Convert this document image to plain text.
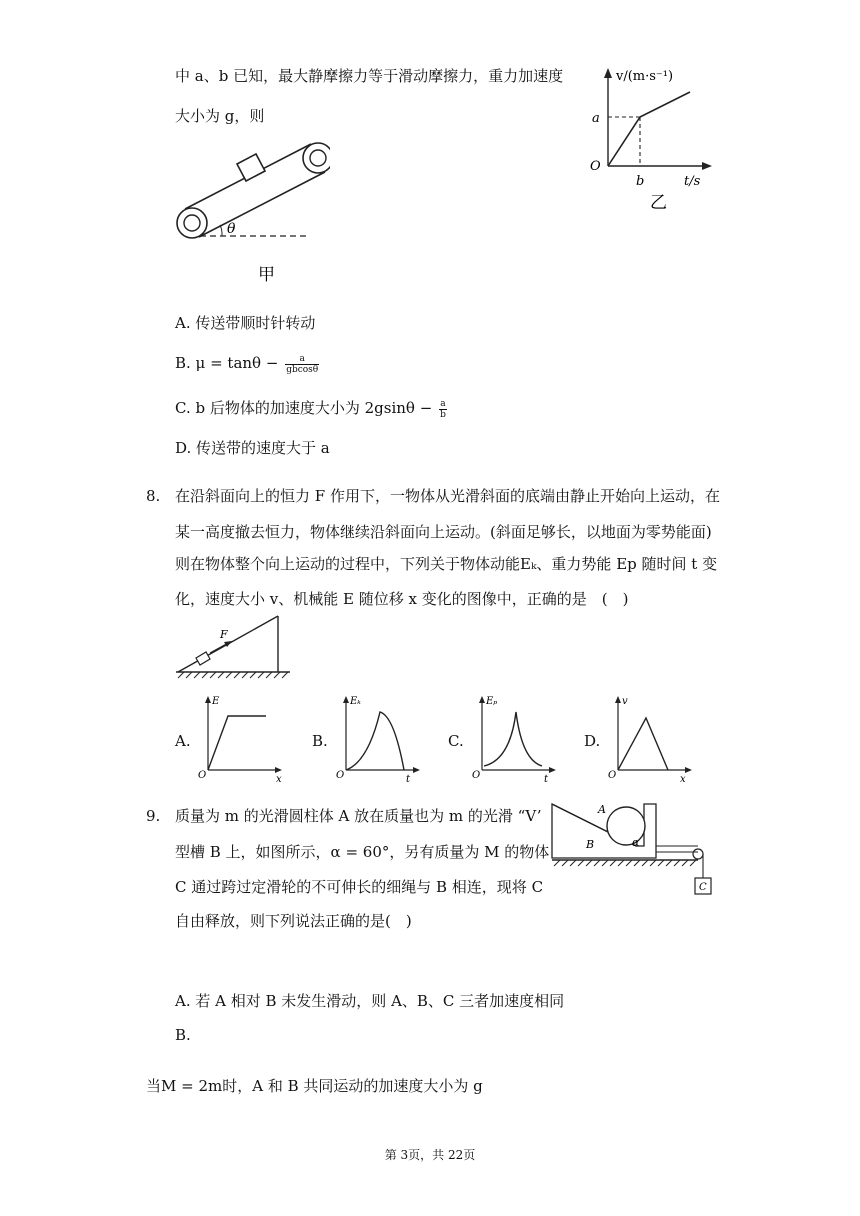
中 a、b 已知，最大静摩擦力等于滑动摩擦力，重力加速度
大小为 g，则
θ
甲
v/(m·s⁻¹)
a
O
b	t/s
乙
A. 传送带顺时针转动
B. $\mu = \tan\theta - \frac{a}{gbcos\theta}$
C. b 后物体的加速度大小为 $2gsin\theta - \frac{a}{b}$
D. 传送带的速度大于 a
8. 在沿斜面向上的恒力 F 作用下，一物体从光滑斜面的底端由静止开始向上运动，在
某一高度撤去恒力，物体继续沿斜面向上运动。(斜面足够长，以地面为零势能面)
则在物体整个向上运动的过程中，下列关于物体动能Eₖ、重力势能 Ep 随时间 t 变
化，速度大小 v、机械能 E 随位移 x 变化的图像中，正确的是　(　)
F
A.
E
x
O
B.
Eₖ
t
O
C.
Eₚ
t
O
D.
v
x
O
9. 质量为 m 的光滑圆柱体 A 放在质量也为 m 的光滑 “V’
型槽 B 上，如图所示，α = 60°，另有质量为 M 的物体
C 通过跨过定滑轮的不可伸长的细绳与 B 相连，现将 C
自由释放，则下列说法正确的是(　)
C
A
B	α
A. 若 A 相对 B 未发生滑动，则 A、B、C 三者加速度相同
B.
当M = 2m时，A 和 B 共同运动的加速度大小为 g
第 3页，共 22页
